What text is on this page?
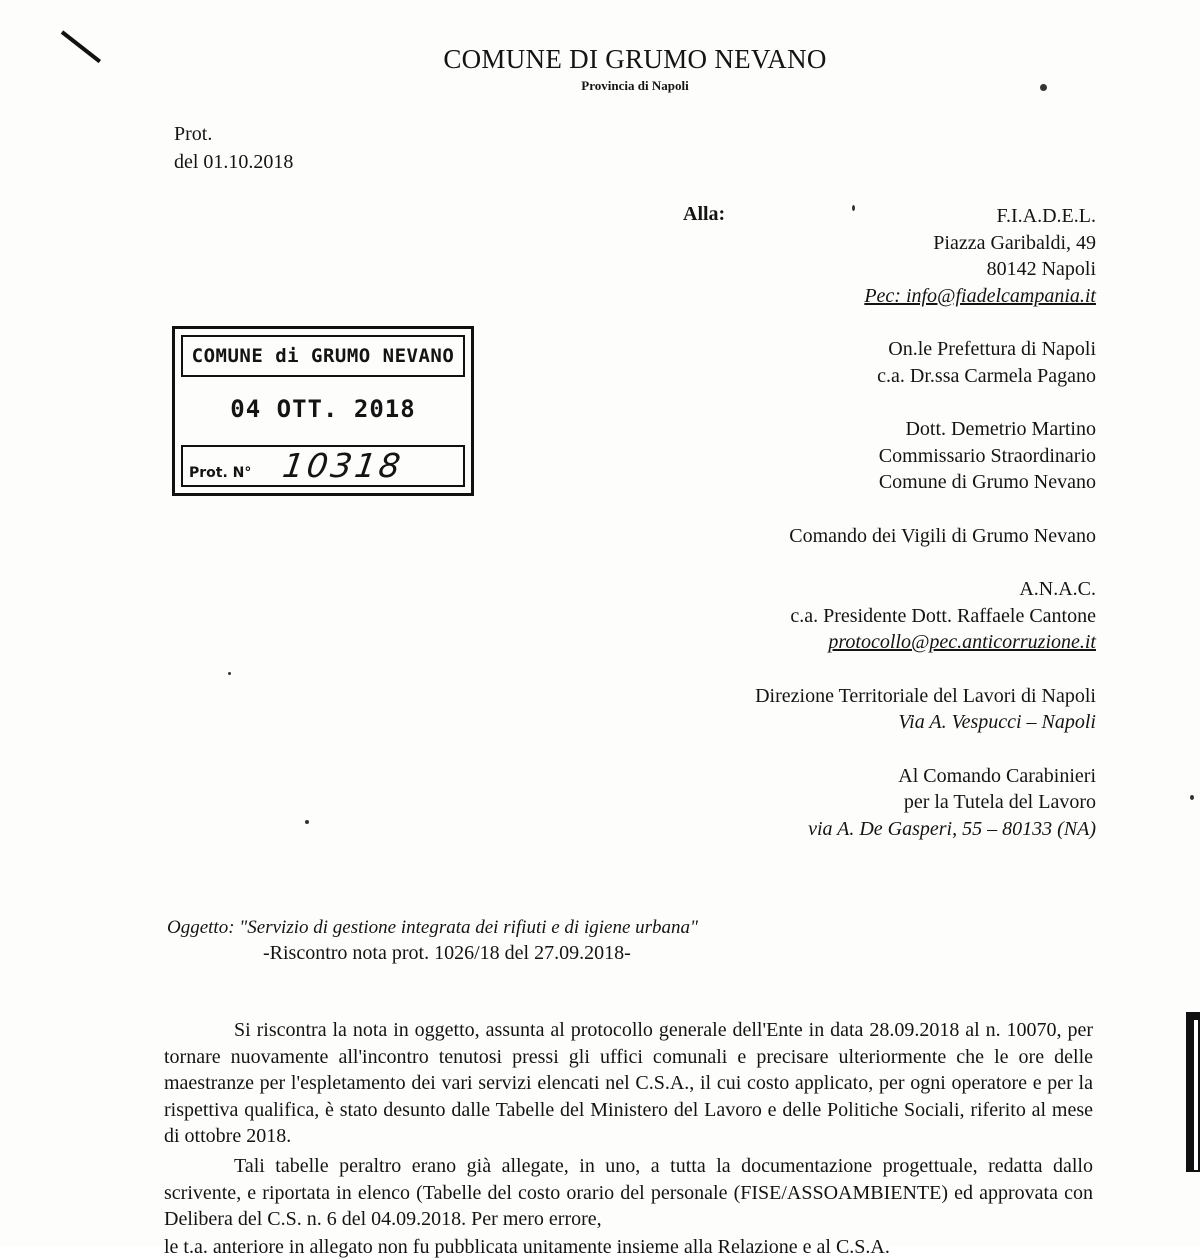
COMUNE DI GRUMO NEVANO
Provincia di Napoli
Prot.
del 01.10.2018
Alla:	F.I.A.D.E.L.
Piazza Garibaldi, 49
80142 Napoli
Pec: info@fiadelcampania.it
On.le Prefettura di Napoli
c.a. Dr.ssa Carmela Pagano
Dott. Demetrio Martino
Commissario Straordinario
Comune di Grumo Nevano
Comando dei Vigili di Grumo Nevano
A.N.A.C.
c.a. Presidente Dott. Raffaele Cantone
protocollo@pec.anticorruzione.it
Direzione Territoriale del Lavori di Napoli
Via A. Vespucci – Napoli
Al Comando Carabinieri
per la Tutela del Lavoro
via A. De Gasperi, 55 – 80133 (NA)
COMUNE di GRUMO NEVANO
04 OTT. 2018
Prot. N° 10318
Oggetto: "Servizio di gestione integrata dei rifiuti e di igiene urbana"
-Riscontro nota prot. 1026/18 del 27.09.2018-
Si riscontra la nota in oggetto, assunta al protocollo generale dell'Ente in data 28.09.2018 al n. 10070, per tornare nuovamente all'incontro tenutosi pressi gli uffici comunali e precisare ulteriormente che le ore delle maestranze per l'espletamento dei vari servizi elencati nel C.S.A., il cui costo applicato, per ogni operatore e per la rispettiva qualifica, è stato desunto dalle Tabelle del Ministero del Lavoro e delle Politiche Sociali, riferito al mese di ottobre 2018.
Tali tabelle peraltro erano già allegate, in uno, a tutta la documentazione progettuale, redatta dallo scrivente, e riportata in elenco (Tabelle del costo orario del personale (FISE/ASSOAMBIENTE) ed approvata con Delibera del C.S. n. 6 del 04.09.2018. Per mero errore,
le t.a. anteriore in allegato non fu pubblicata unitamente insieme alla Relazione e al C.S.A.
